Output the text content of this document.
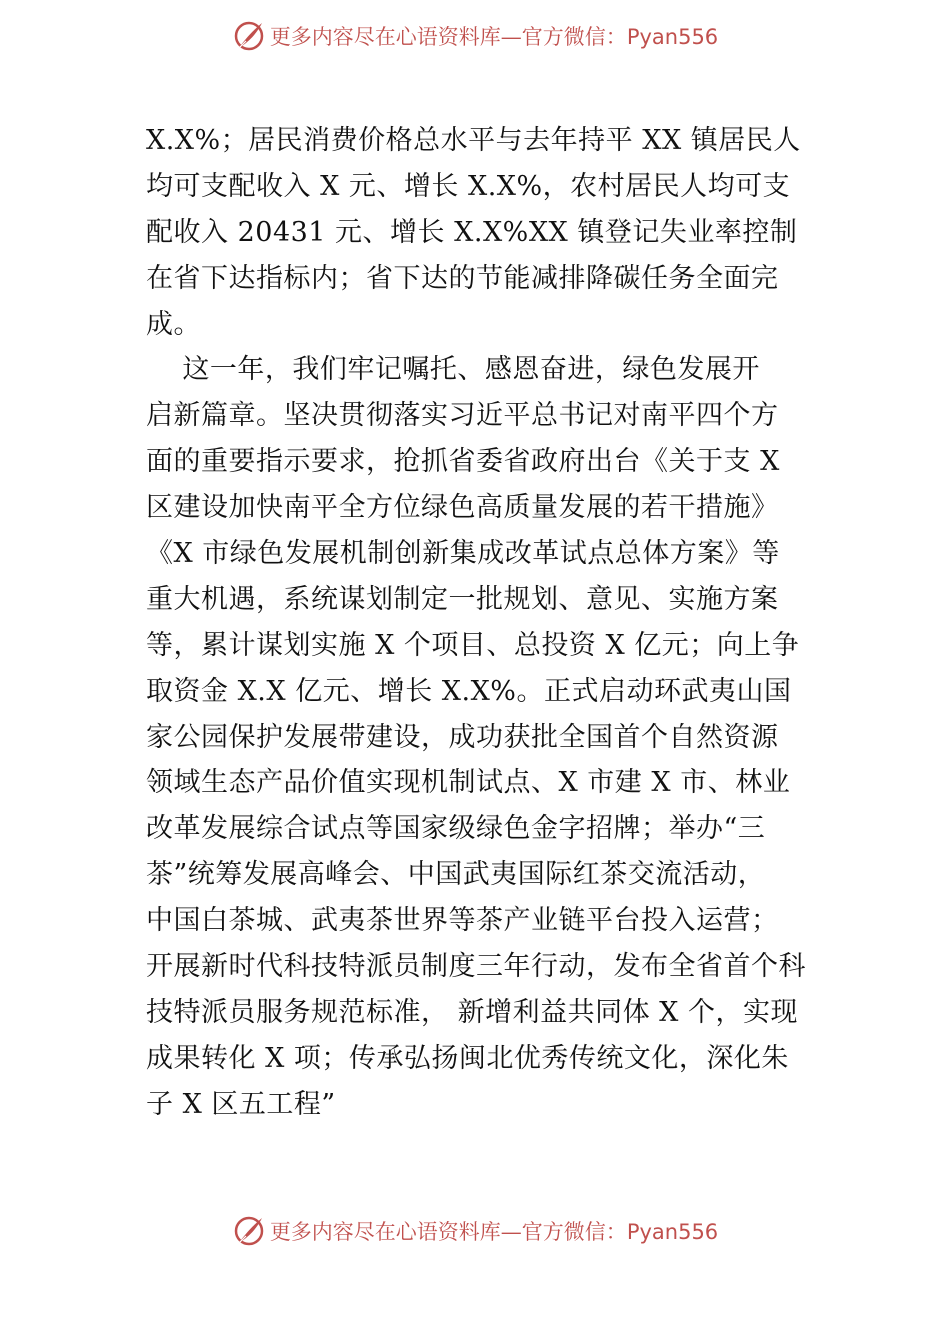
更多内容尽在心语资料库—官方微信：Pyan556
X.X%；居民消费价格总水平与去年持平 XX 镇居民人
均可支配收入 X 元、增长 X.X%，农村居民人均可支
配收入 20431 元、增长 X.X%XX 镇登记失业率控制
在省下达指标内；省下达的节能减排降碳任务全面完
成。
这一年，我们牢记嘱托、感恩奋进，绿色发展开
启新篇章。坚决贯彻落实习近平总书记对南平四个方
面的重要指示要求，抢抓省委省政府出台《关于支 X
区建设加快南平全方位绿色高质量发展的若干措施》
《X 市绿色发展机制创新集成改革试点总体方案》等
重大机遇，系统谋划制定一批规划、意见、实施方案
等，累计谋划实施 X 个项目、总投资 X 亿元；向上争
取资金 X.X 亿元、增长 X.X%。正式启动环武夷山国
家公园保护发展带建设，成功获批全国首个自然资源
领域生态产品价值实现机制试点、X 市建 X 市、林业
改革发展综合试点等国家级绿色金字招牌；举办“三
茶”统筹发展高峰会、中国武夷国际红茶交流活动，
中国白茶城、武夷茶世界等茶产业链平台投入运营；
开展新时代科技特派员制度三年行动，发布全省首个科
技特派员服务规范标准， 新增利益共同体 X 个，实现
成果转化 X 项；传承弘扬闽北优秀传统文化，深化朱
子 X 区五工程”
更多内容尽在心语资料库—官方微信：Pyan556
